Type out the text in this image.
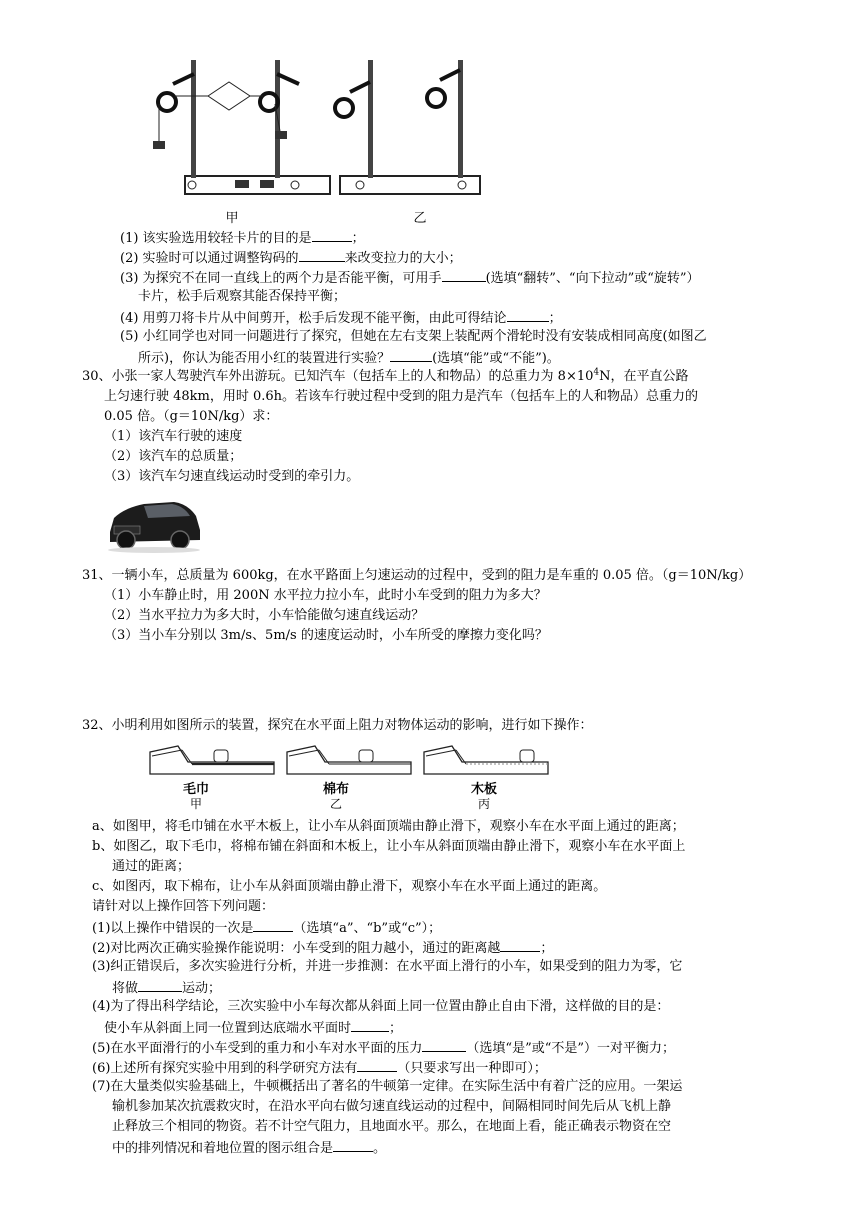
甲	乙
(1) 该实验选用较轻卡片的目的是	；
(2) 实验时可以通过调整钩码的	来改变拉力的大小；
(3) 为探究不在同一直线上的两个力是否能平衡，可用手	(选填“翻转”、“向下拉动”或“旋转”）
卡片，松手后观察其能否保持平衡；
(4) 用剪刀将卡片从中间剪开，松手后发现不能平衡，由此可得结论	；
(5) 小红同学也对同一问题进行了探究，但她在左右支架上装配两个滑轮时没有安装成相同高度(如图乙
所示)，你认为能否用小红的装置进行实验？	(选填“能”或“不能”)。
30、小张一家人驾驶汽车外出游玩。已知汽车（包括车上的人和物品）的总重力为 $8\times 10^4N$，在平直公路
上匀速行驶 48km，用时 0.6h。若该车行驶过程中受到的阻力是汽车（包括车上的人和物品）总重力的
0.05 倍。（g＝10N/kg）求：
（1）该汽车行驶的速度
（2）该汽车的总质量；
（3）该汽车匀速直线运动时受到的牵引力。
31、一辆小车，总质量为 600kg，在水平路面上匀速运动的过程中，受到的阻力是车重的 0.05 倍。（g＝10N/kg）
（1）小车静止时，用 200N 水平拉力拉小车，此时小车受到的阻力为多大？
（2）当水平拉力为多大时，小车恰能做匀速直线运动？
（3）当小车分别以 3m/s、5m/s 的速度运动时，小车所受的摩擦力变化吗？
32、小明利用如图所示的装置，探究在水平面上阻力对物体运动的影响，进行如下操作：
毛巾
甲
棉布
乙
木板
丙
a、如图甲，将毛巾铺在水平木板上，让小车从斜面顶端由静止滑下，观察小车在水平面上通过的距离；
b、如图乙，取下毛巾，将棉布铺在斜面和木板上，让小车从斜面顶端由静止滑下，观察小车在水平面上
通过的距离；
c、如图丙，取下棉布，让小车从斜面顶端由静止滑下，观察小车在水平面上通过的距离。
请针对以上操作回答下列问题：
(1)以上操作中错误的一次是	（选填“a”、“b”或“c”）；
(2)对比两次正确实验操作能说明：小车受到的阻力越小，通过的距离越	；
(3)纠正错误后，多次实验进行分析，并进一步推测：在水平面上滑行的小车，如果受到的阻力为零，它
将做	运动；
(4)为了得出科学结论，三次实验中小车每次都从斜面上同一位置由静止自由下滑，这样做的目的是：
使小车从斜面上同一位置到达底端水平面时	；
(5)在水平面滑行的小车受到的重力和小车对水平面的压力	（选填“是”或“不是”）一对平衡力；
(6)上述所有探究实验中用到的科学研究方法有	（只要求写出一种即可）；
(7)在大量类似实验基础上，牛顿概括出了著名的牛顿第一定律。在实际生活中有着广泛的应用。一架运
输机参加某次抗震救灾时，在沿水平向右做匀速直线运动的过程中，间隔相同时间先后从飞机上静
止释放三个相同的物资。若不计空气阻力，且地面水平。那么，在地面上看，能正确表示物资在空
中的排列情况和着地位置的图示组合是	。
